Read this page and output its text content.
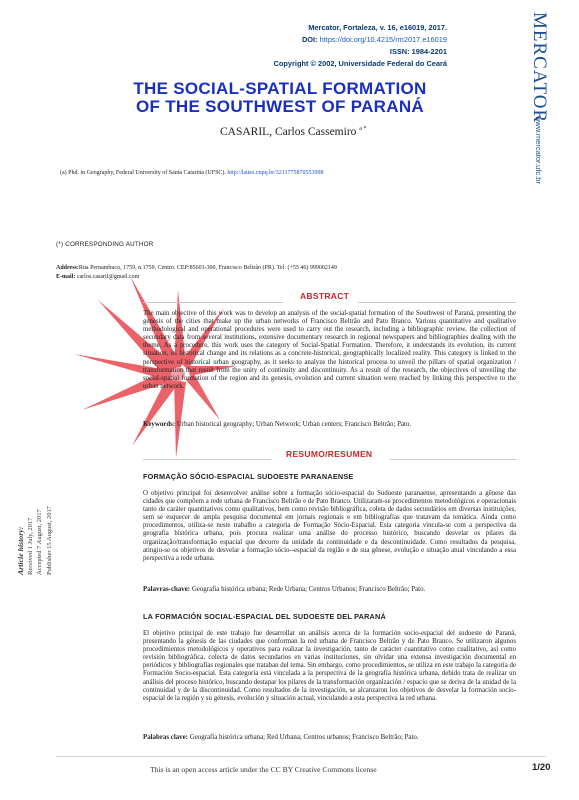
Mercator, Fortaleza, v. 16, e16019, 2017.
DOI: https://doi.org/10.4215/rm2017.e16019
ISSN: 1984-2201
Copyright © 2002, Universidade Federal do Ceará	MERCATOR
www.mercator.ufc.br
THE SOCIAL-SPATIAL FORMATION
OF THE SOUTHWEST OF PARANÁ
CASARIL, Carlos Cassemiro $^{a *}$
(a) Phd. in Geography, Federal University of Santa Catarina (UFSC). http://lattes.cnpq.br/3211775870553998
(*) CORRESPONDING AUTHOR
Address:Rua Pernambuco, 1759, n.1759. Centro. CEP:85601-300, Francisco Beltrão (PR). Tel: (+55 46) 999002149
E-mail: carlos.casaril@gmail.com
ABSTRACT
The main objective of this work was to develop an analysis of the social-spatial formation of the Southwest of Paraná, presenting the genesis of the cities that make up the urban networks of Francisco Beltrão and Pato Branco. Various quantitative and qualitative methodological and operational procedures were used to carry out the research, including a bibliographic review, the collection of secondary data from several institutions, extensive documentary research in regional newspapers and bibliographies dealing with the theme. As a procedure, this work uses the category of Social-Spatial Formation. Therefore, it understands its evolution, its current situation, its historical change and its relations as a concrete-historical, geographically localized reality. This category is linked to the perspective of historical urban geography, as it seeks to analyze the historical process to unveil the pillars of spatial organization / transformation that result from the unity of continuity and discontinuity. As a result of the research, the objectives of unveiling the social-spatial formation of the region and its genesis, evolution and current situation were reached by linking this perspective to the urban network.
Keywords: Urban historical geography; Urban Network; Urban centers; Francisco Beltrão; Pato.
RESUMO/RESUMEN
FORMAÇÃO SÓCIO-ESPACIAL SUDOESTE PARANAENSE
O objetivo principal foi desenvolver análise sobre a formação sócio-espacial do Sudoeste paranaense, apresentando a gênese das cidades que compõem a rede urbana de Francisco Beltrão e de Pato Branco. Utilizaram-se procedimentos metodológicos e operacionais tanto de caráter quantitativos como qualitativos, bem como revisão bibliográfica, coleta de dados secundários em diversas instituições, sem se esquecer de ampla pesquisa documental em jornais regionais e em bibliografias que tratavam da temática. Ainda como procedimentos, utiliza-se neste trabalho a categoria de Formação Sócio-Espacial. Esta categoria vincula-se com a perspectiva da geografia histórica urbana, pois procura realizar uma análise do processo histórico, buscando desvelar os pilares da organização/transformação espacial que decorre da unidade da continuidade e da descontinuidade. Como resultados da pesquisa, atingiu-se os objetivos de desvelar a formação sócio--espacial da região e de sua gênese, evolução e situação atual vinculando a essa perspectiva a rede urbana.
Palavras-chave: Geografia histórica urbana; Rede Urbana; Centros Urbanos; Francisco Beltrão; Pato.
LA FORMACIÓN SOCIAL-ESPACIAL DEL SUDOESTE DEL PARANÁ
El objetivo principal de este trabajo fue desarrollar un análisis acerca de la formación socio-espacial del sudoeste de Paraná, presentando la génesis de las ciudades que conforman la red urbana de Francisco Beltrão y de Pato Branco. Se utilizaron algunos procedimientos metodológicos y operativos para realizar la investigación, tanto de carácter cuantitativo como cualitativo, así como revisión bibliográfica, colecta de datos secundarios en varias instituciones, sin olvidar una extensa investigación documental en periódicos y bibliografías regionales que trataban del tema. Sin embargo, como procedimientos, se utiliza en este trabajo la categoría de Formación Socio-espacial. Esta categoría está vinculada a la perspectiva de la geografía histórica urbana, debido trata de realizar un análisis del proceso histórico, buscando destapar los pilares de la transformación organización / espacio que se deriva de la unidad de la continuidad y de la discontinuidad. Como resultados de la investigación, se alcanzaron los objetivos de desvelar la formación socio-espacial de la región y su génesis, evolución y situación actual, vinculando a esta perspectiva la red urbana.
Palabras clave: Geografía histórica urbana; Red Urbana; Centros urbanos; Francisco Beltrão; Pato.
Article history: Received 1 July, 2017 Accepted 7 August, 2017 Publisher 15 August, 2017
This is an open access article under the CC BY Creative Commons license	1/20
